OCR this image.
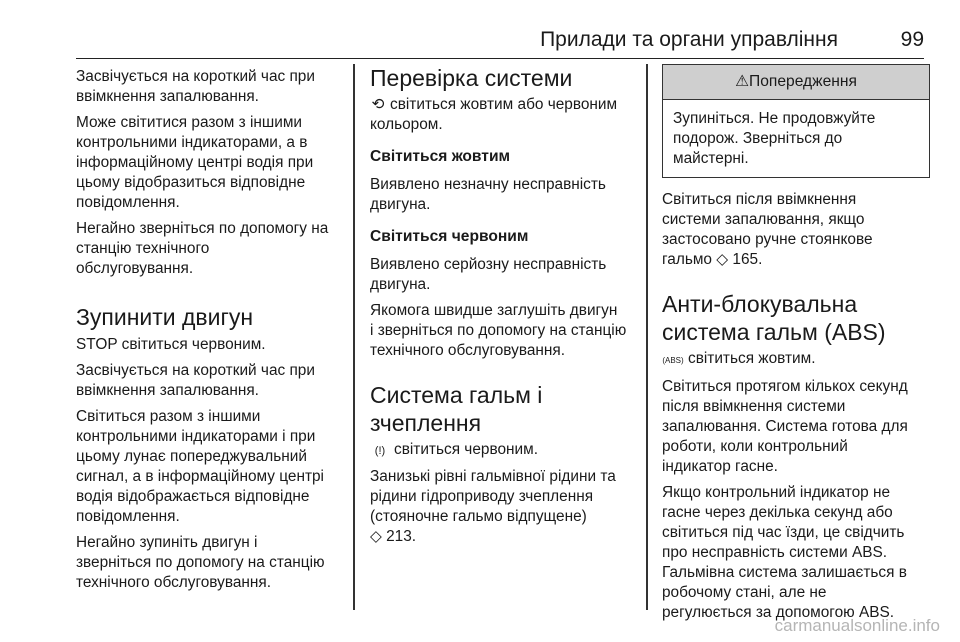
Прилади та органи управління	99
Засвічується на короткий час при
ввімкнення запалювання.
Може світитися разом з іншими
контрольними індикаторами, а в
інформаційному центрі водія при
цьому відобразиться відповідне
повідомлення.
Негайно зверніться по допомогу на
станцію технічного
обслуговування.
Зупинити двигун
STOP світиться червоним.
Засвічується на короткий час при
ввімкнення запалювання.
Світиться разом з іншими
контрольними індикаторами і при
цьому лунає попереджувальний
сигнал, а в інформаційному центрі
водія відображається відповідне
повідомлення.
Негайно зупиніть двигун і
зверніться по допомогу на станцію
технічного обслуговування.
Перевірка системи
⟲ світиться жовтим або червоним
кольором.
Світиться жовтим
Виявлено незначну несправність
двигуна.
Світиться червоним
Виявлено серйозну несправність
двигуна.
Якомога швидше заглушіть двигун
і зверніться по допомогу на станцію
технічного обслуговування.
Система гальм і
зчеплення
(!) світиться червоним.
Занизькі рівні гальмівної рідини та
рідини гідроприводу зчеплення
(стояночне гальмо відпущене)
◇ 213.
⚠Попередження
Зупиніться. Не продовжуйте
подорож. Зверніться до
майстерні.
Світиться після ввімкнення
системи запалювання, якщо
застосовано ручне стоянкове
гальмо ◇ 165.
Анти-блокувальна
система гальм (ABS)
(ABS) світиться жовтим.
Світиться протягом кількох секунд
після ввімкнення системи
запалювання. Система готова для
роботи, коли контрольний
індикатор гасне.
Якщо контрольний індикатор не
гасне через декілька секунд або
світиться під час їзди, це свідчить
про несправність системи ABS.
Гальмівна система залишається в
робочому стані, але не
регулюється за допомогою ABS.
carmanualsonline.info
